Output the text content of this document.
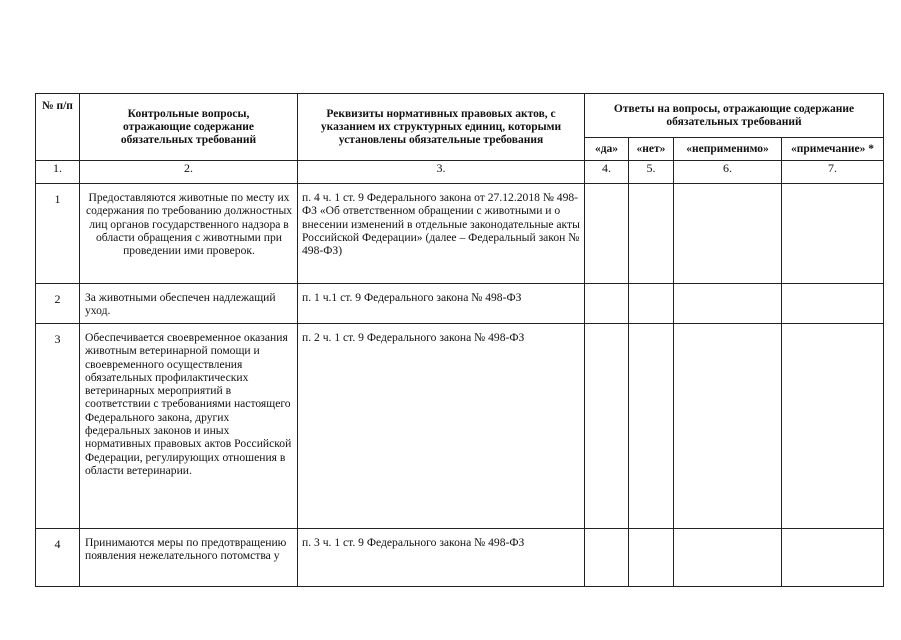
№ п/п	Контрольные вопросы, отражающие содержание обязательных требований	Реквизиты нормативных правовых актов, с указанием их структурных единиц, которыми установлены обязательные требования	Ответы на вопросы, отражающие содержание обязательных требований			
			«да»	«нет»	«неприменимо»	«примечание» *
1.	2.	3.	4.	5.	6.	7.
1	Предоставляются животные по месту их содержания по требованию должностных лиц органов государственного надзора в области обращения с животными при проведении ими проверок.	п. 4 ч. 1 ст. 9 Федерального закона от 27.12.2018 № 498-ФЗ «Об ответственном обращении с животными и о внесении изменений в отдельные законодательные акты Российской Федерации» (далее – Федеральный закон № 498-ФЗ)				
2	За животными обеспечен надлежащий уход.	п. 1 ч.1 ст. 9 Федерального закона № 498-ФЗ				
3	Обеспечивается своевременное оказания животным ветеринарной помощи и своевременного осуществления обязательных профилактических ветеринарных мероприятий в соответствии с требованиями настоящего Федерального закона, других федеральных законов и иных нормативных правовых актов Российской Федерации, регулирующих отношения в области ветеринарии.	п. 2 ч. 1 ст. 9 Федерального закона № 498-ФЗ				
4	Принимаются меры по предотвращению появления нежелательного потомства у	п. 3 ч. 1 ст. 9 Федерального закона № 498-ФЗ				
